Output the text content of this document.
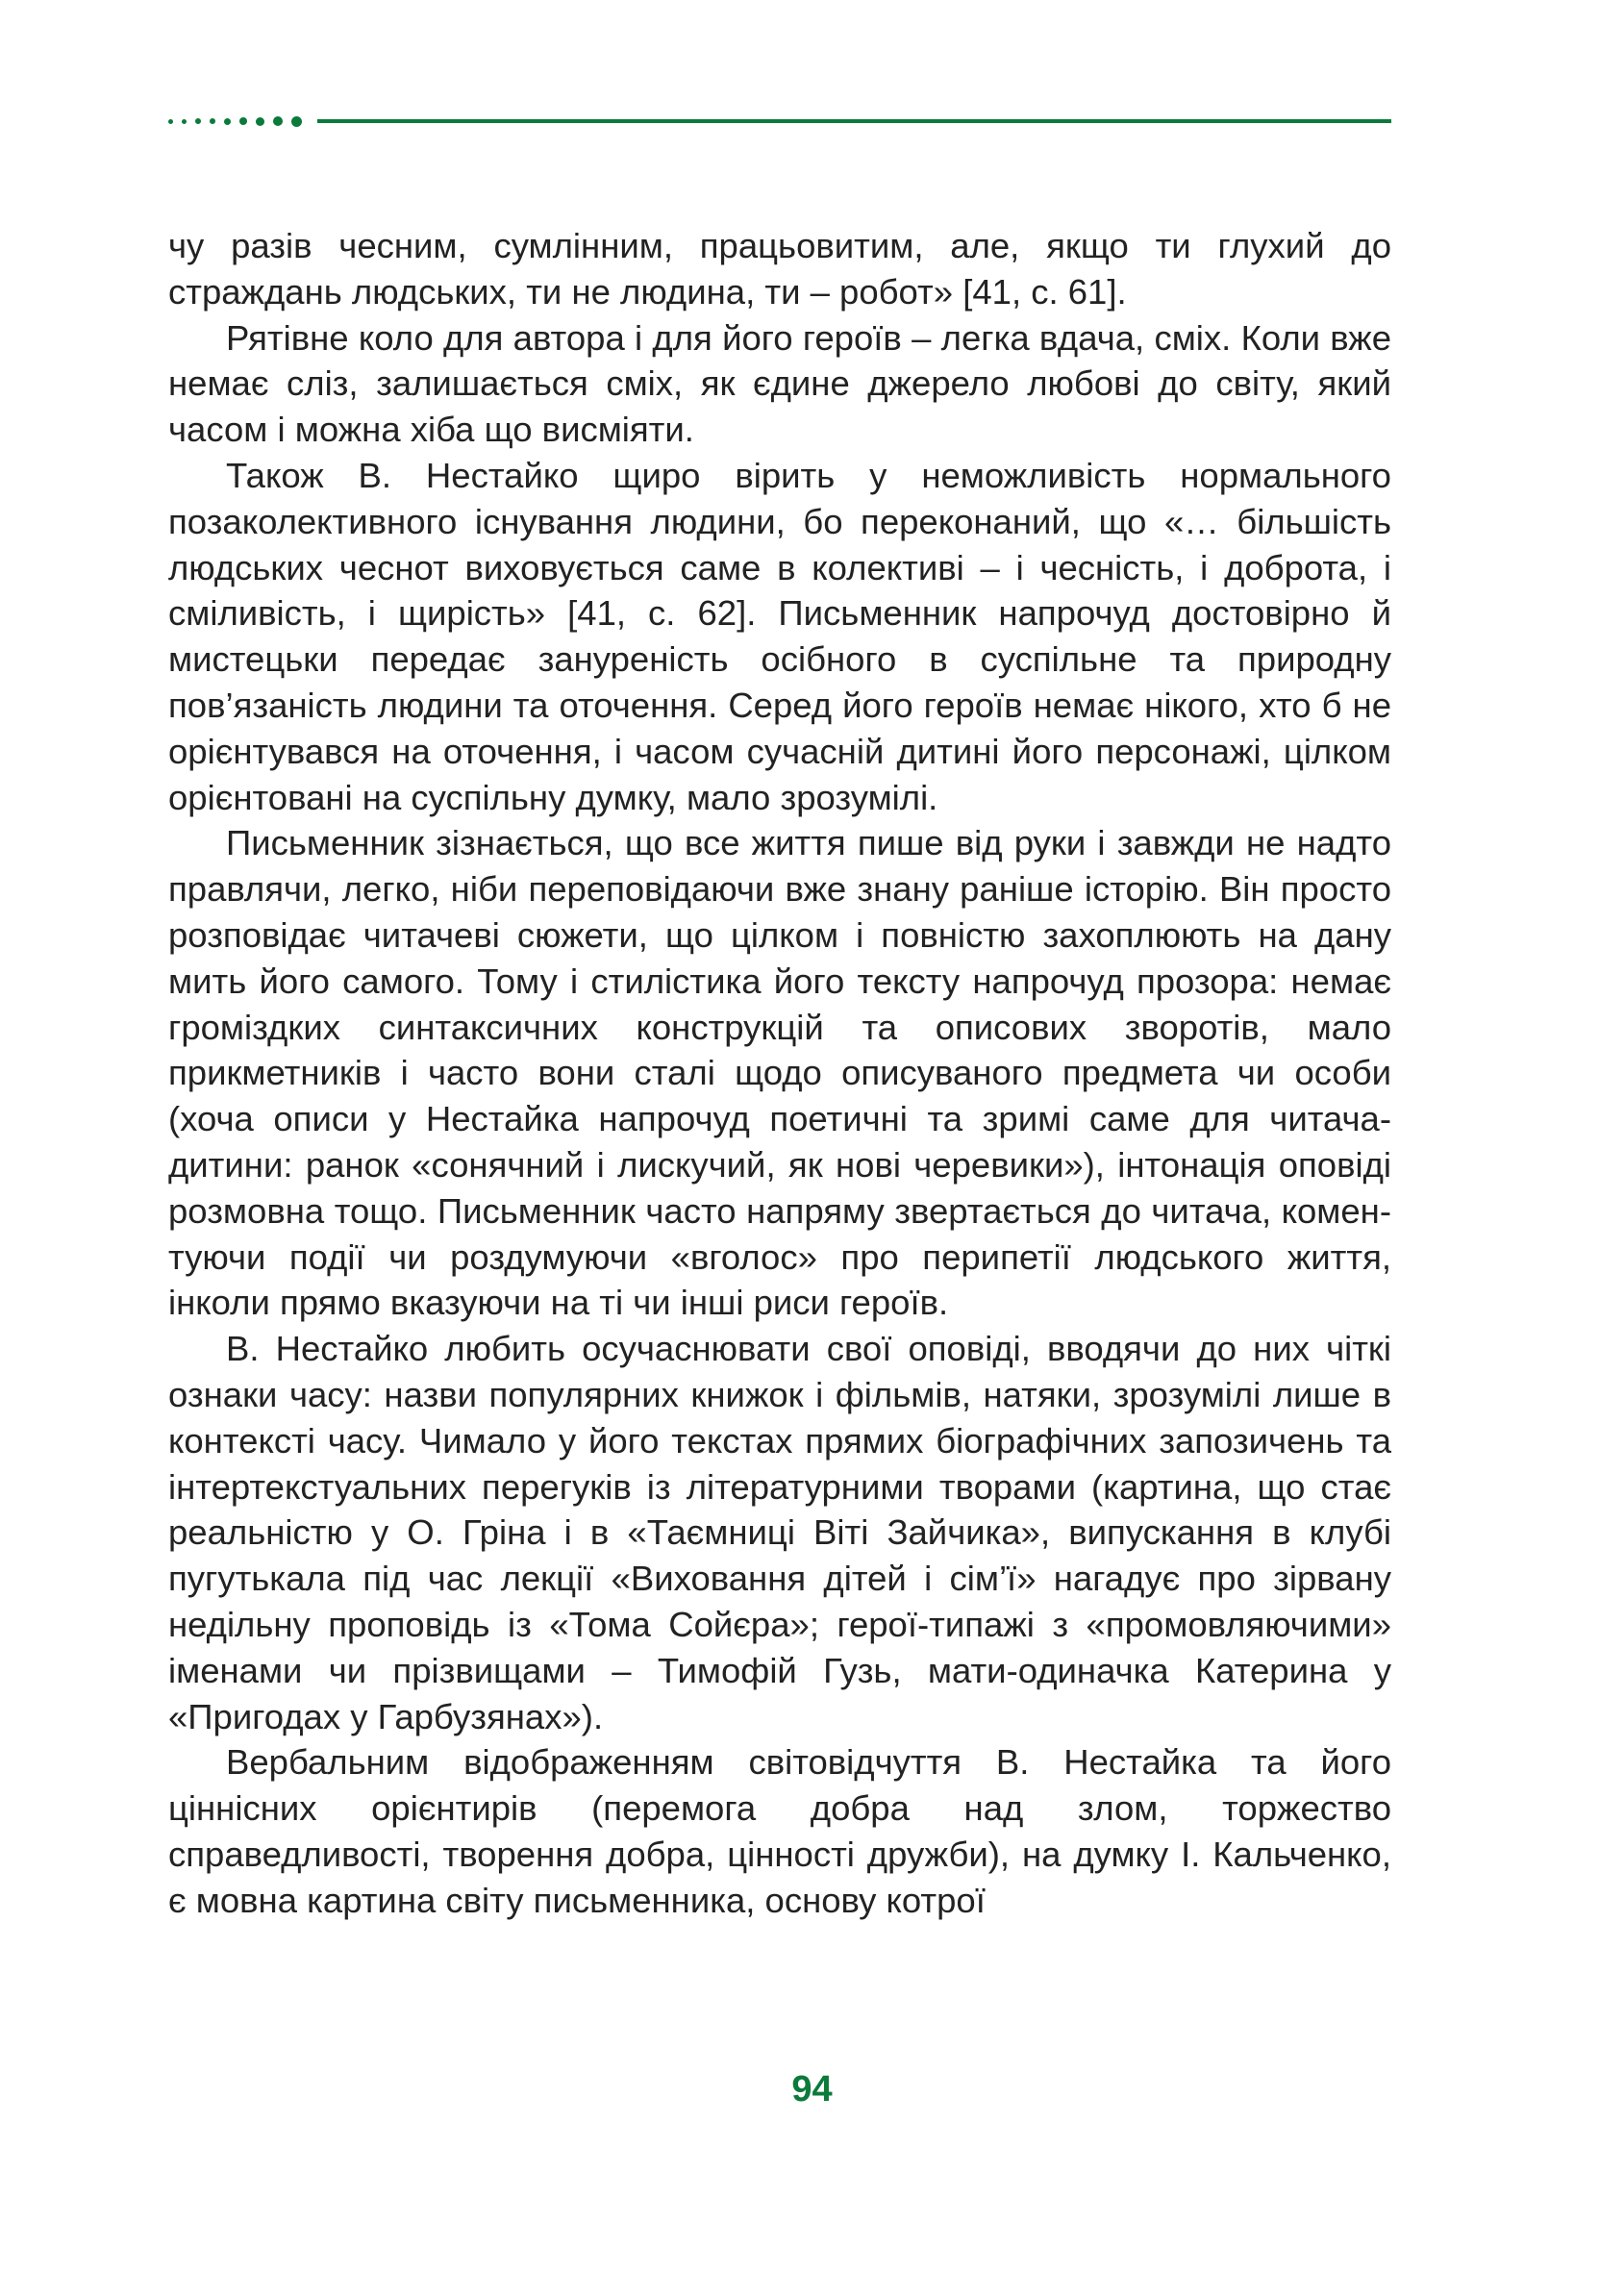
чу разів чесним, сумлінним, працьовитим, але, якщо ти глухий до страждань людських, ти не людина, ти – робот» [41, с. 61].

Рятівне коло для автора і для його героїв – легка вдача, сміх. Коли вже немає сліз, залишається сміх, як єдине джерело любові до світу, який часом і можна хіба що висміяти.

Також В. Нестайко щиро вірить у неможливість нормального позаколективного існування людини, бо переконаний, що «… більшість людських чеснот виховується саме в колективі – і чесність, і доброта, і сміливість, і щирість» [41, с. 62]. Письменник напрочуд достовірно й мистецьки передає зануреність осібного в суспільне та природну пов’язаність людини та оточення. Серед його героїв немає нікого, хто б не орієнтувався на оточення, і часом сучасній дитині його персонажі, цілком орієнтовані на суспільну думку, мало зрозумілі.

Письменник зізнається, що все життя пише від руки і завжди не надто правлячи, легко, ніби переповідаючи вже знану раніше історію. Він просто розповідає читачеві сюжети, що цілком і повністю захоплюють на дану мить його самого. Тому і стилістика його тексту напрочуд прозора: немає громіздких синтаксичних конструкцій та описових зворотів, мало прикметників і часто вони сталі щодо описуваного предмета чи особи (хоча описи у Нестайка напрочуд поетичні та зримі саме для читача-дитини: ранок «сонячний і лискучий, як нові черевики»), інтонація оповіді розмовна тощо. Письменник часто напряму звертається до читача, коментуючи події чи роздумуючи «вголос» про перипетії людського життя, інколи прямо вказуючи на ті чи інші риси героїв.

В. Нестайко любить осучаснювати свої оповіді, вводячи до них чіткі ознаки часу: назви популярних книжок і фільмів, натяки, зрозумілі лише в контексті часу. Чимало у його текстах прямих біографічних запозичень та інтертекстуальних перегуків із літературними творами (картина, що стає реальністю у О. Гріна і в «Таємниці Віті Зайчика», випускання в клубі пугутькала під час лекції «Виховання дітей і сім’ї» нагадує про зірвану недільну проповідь із «Тома Сойєра»; герої-типажі з «промовляючими» іменами чи прізвищами – Тимофій Гузь, мати-одиначка Катерина у «Пригодах у Гарбузянах»).

Вербальним відображенням світовідчуття В. Нестайка та його ціннісних орієнтирів (перемога добра над злом, торжество справедливості, творення добра, цінності дружби), на думку І. Кальченко, є мовна картина світу письменника, основу котрої

94
